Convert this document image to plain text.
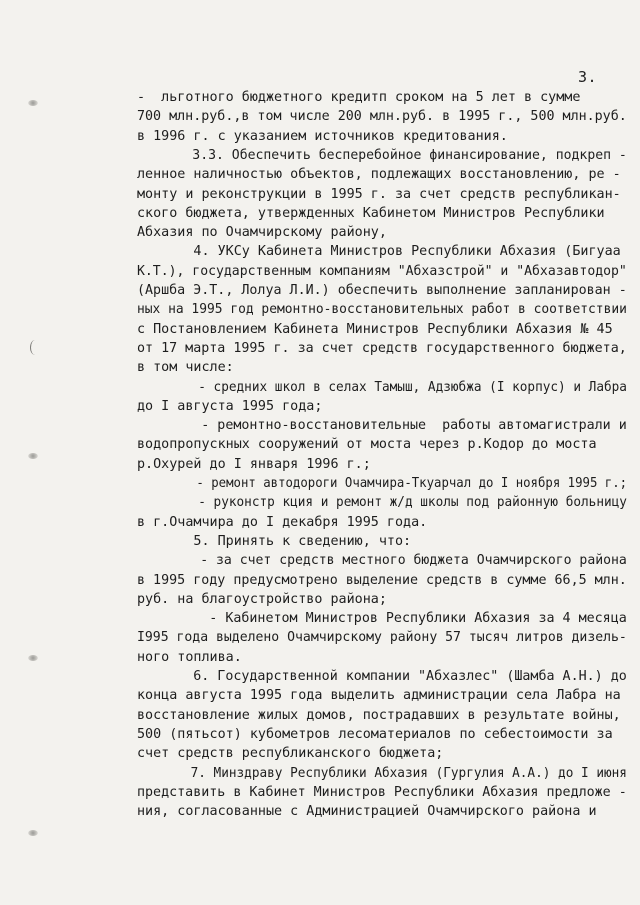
3.
-  льготного бюджетного кредитп сроком на 5 лет в сумме
700 млн.руб.,в том числе 200 млн.руб. в 1995 г., 500 млн.руб.
в 1996 г. с указанием источников кредитования.
3.3. Обеспечить бесперебойное финансирование, подкреп -
ленное наличностью объектов, подлежащих восстановлению, ре -
монту и реконструкции в 1995 г. за счет средств республикан-
ского бюджета, утвержденных Кабинетом Министров Республики
Абхазия по Очамчирскому району,
4. УКСу Кабинета Министров Республики Абхазия (Бигуаа
К.Т.), государственным компаниям "Абхазстрой" и "Абхазавтодор"
(Аршба Э.Т., Лолуа Л.И.) обеспечить выполнение запланирован -
ных на 1995 год ремонтно-восстановительных работ в соответствии
с Постановлением Кабинета Министров Республики Абхазия № 45
от 17 марта 1995 г. за счет средств государственного бюджета,
в том числе:
- средних школ в селах Тамыш, Адзюбжа (I корпус) и Лабра
до I августа 1995 года;
- ремонтно-восстановительные  работы автомагистрали и
водопропускных сооружений от моста через р.Кодор до моста
р.Охурей до I января 1996 г.;
- ремонт автодороги Очамчира-Ткуарчал до I ноября 1995 г.;
- руконстр кция и ремонт ж/д школы под районную больницу
в г.Очамчира до I декабря 1995 года.
5. Принять к сведению, что:
- за счет средств местного бюджета Очамчирского района
в 1995 году предусмотрено выделение средств в сумме 66,5 млн.
руб. на благоустройство района;
- Кабинетом Министров Республики Абхазия за 4 месяца
I995 года выделено Очамчирскому району 57 тысяч литров дизель-
ного топлива.
6. Государственной компании "Абхазлес" (Шамба А.Н.) до
конца августа 1995 года выделить администрации села Лабра на
восстановление жилых домов, пострадавших в результате войны,
500 (пятьсот) кубометров лесоматериалов по себестоимости за
счет средств республиканского бюджета;
7. Минздраву Республики Абхазия (Гургулия А.А.) до I июня
представить в Кабинет Министров Республики Абхазия предложе -
ния, согласованные с Администрацией Очамчирского района и
